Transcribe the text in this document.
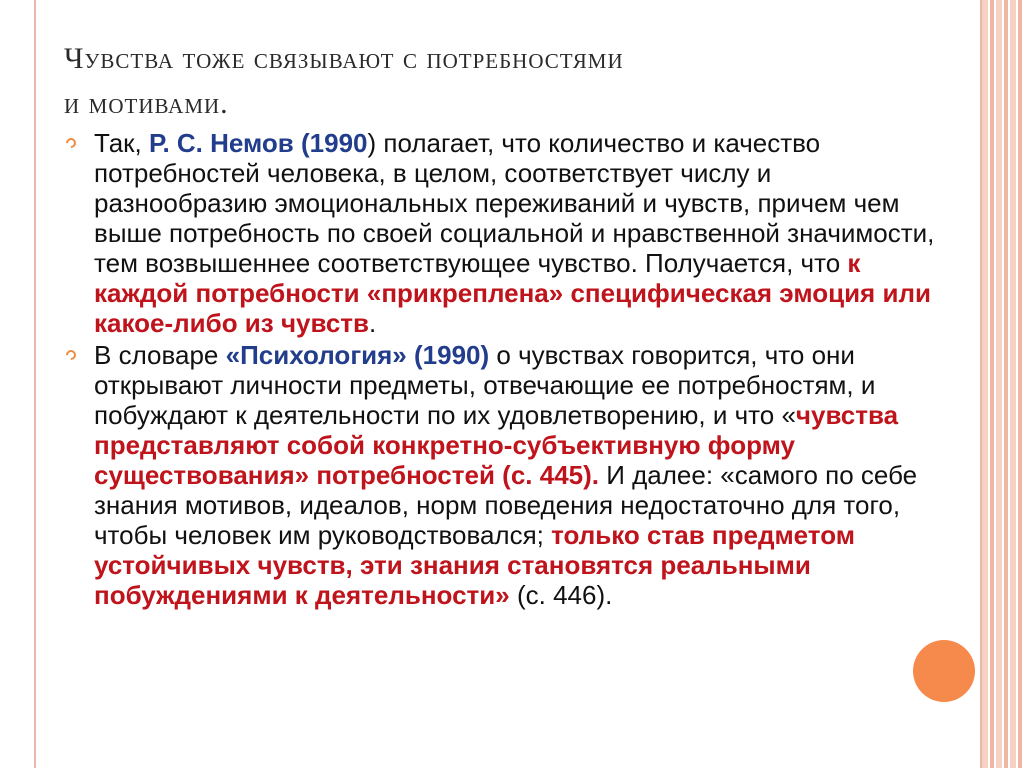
Чувства тоже связывают с потребностями
и мотивами.
Так, Р. С. Немов (1990) полагает, что количество и качество потребностей человека, в целом, соответствует числу и разнообразию эмоциональных переживаний и чувств, причем чем выше потребность по своей социальной и нравственной значимости, тем возвышеннее соответствующее чувство. Получается, что к каждой потребности «прикреплена» специфическая эмоция или какое-либо из чувств.
В словаре «Психология» (1990) о чувствах говорится, что они открывают личности предметы, отвечающие ее потребностям, и побуждают к деятельности по их удовлетворению, и что «чувства представляют собой конкретно-субъективную форму существования» потребностей (с. 445). И далее: «самого по себе знания мотивов, идеалов, норм поведения недостаточно для того, чтобы человек им руководствовался; только став предметом устойчивых чувств, эти знания становятся реальными побуждениями к деятельности» (с. 446).
